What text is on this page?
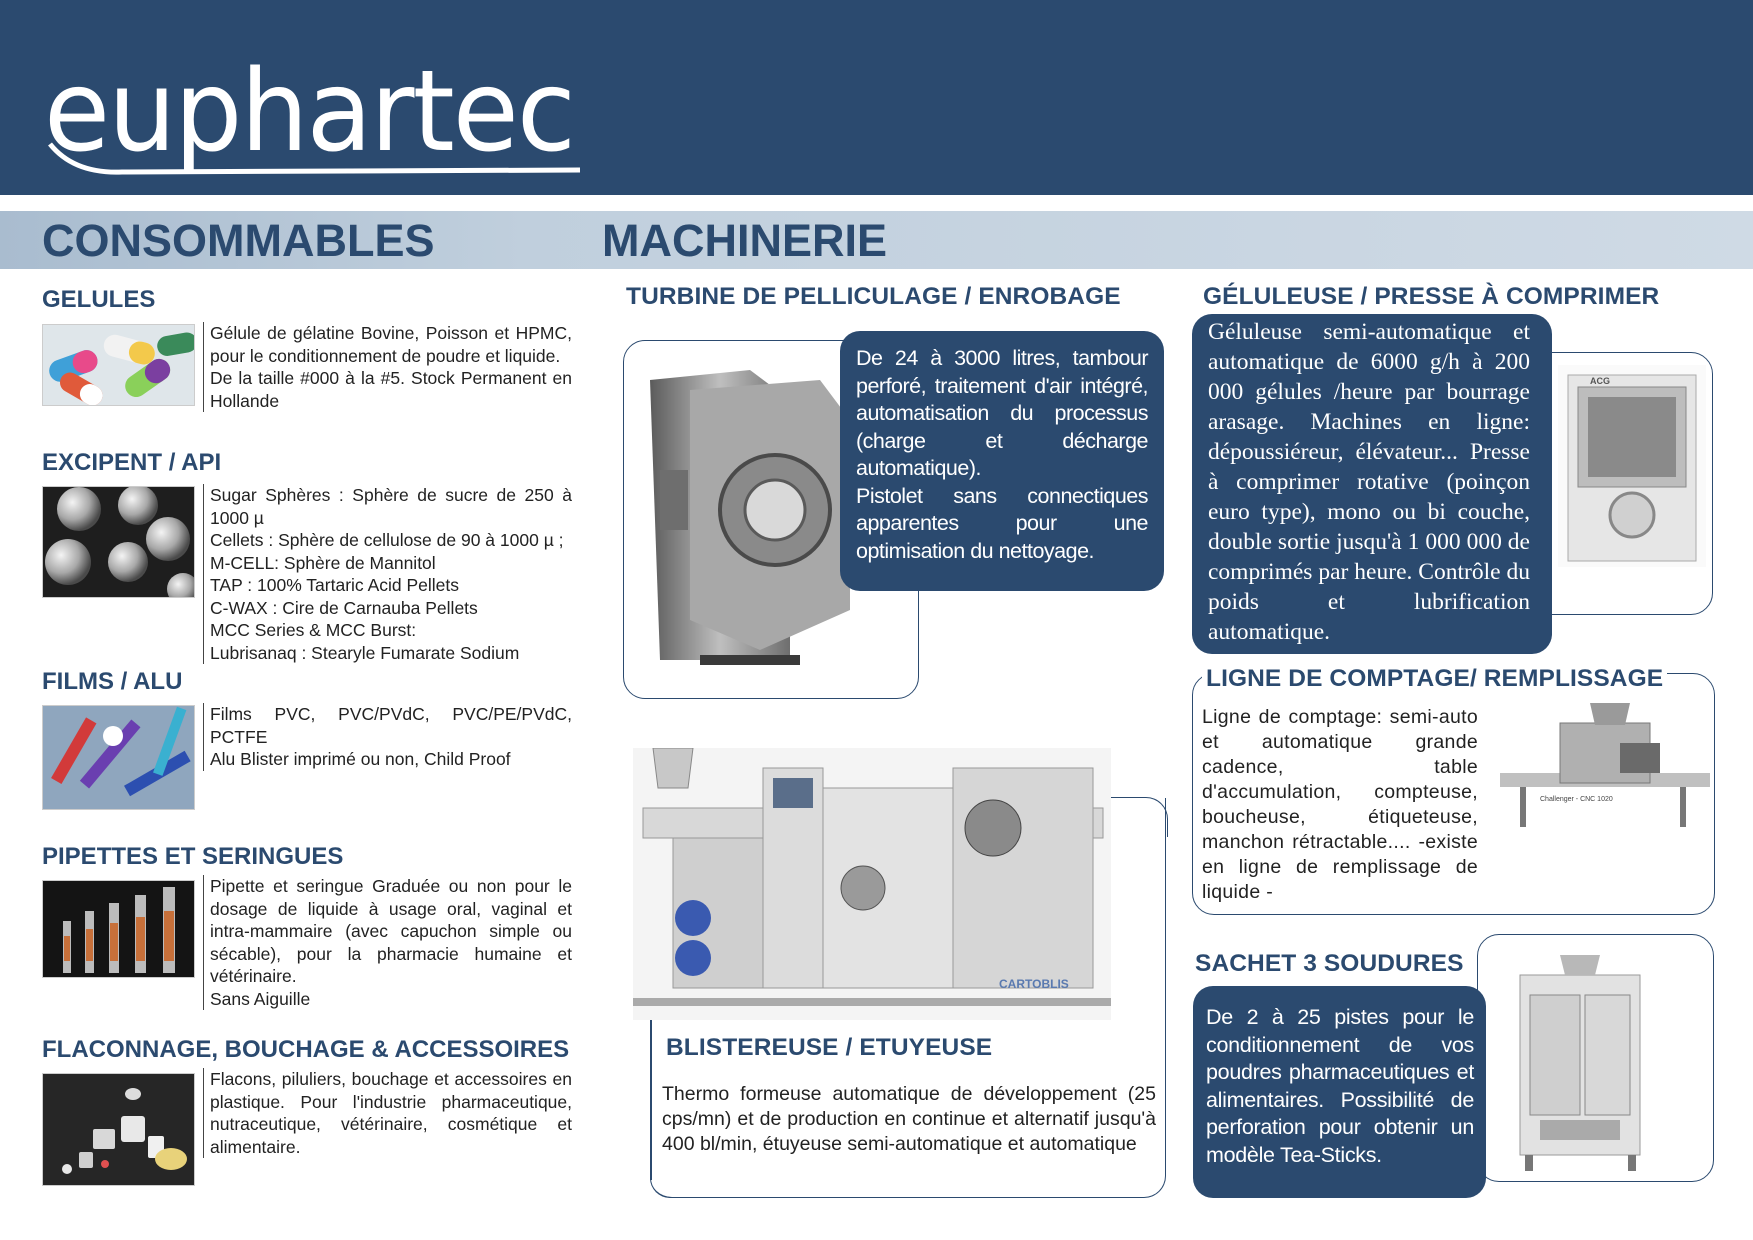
euphartec
CONSOMMABLES	MACHINERIE
GELULES
Gélule de gélatine Bovine, Poisson et HPMC, pour le conditionnement de poudre et liquide.
De la taille #000 à la #5. Stock Permanent en Hollande
EXCIPENT / API
Sugar Sphères : Sphère de sucre de 250 à 1000 µ
Cellets : Sphère de cellulose de 90 à 1000 µ ;
M-CELL: Sphère de Mannitol
TAP : 100% Tartaric Acid Pellets
C-WAX : Cire de Carnauba Pellets
MCC Series & MCC Burst:
Lubrisanaq : Stearyle Fumarate Sodium
FILMS / ALU
Films PVC, PVC/PVdC, PVC/PE/PVdC, PCTFE
Alu Blister imprimé ou non, Child Proof
PIPETTES ET SERINGUES
Pipette et seringue Graduée ou non pour le dosage de liquide à usage oral, vaginal et intra-mammaire (avec capuchon simple ou sécable), pour la pharmacie humaine et vétérinaire.
Sans Aiguille
FLACONNAGE, BOUCHAGE & ACCESSOIRES
Flacons, piluliers, bouchage et accessoires en plastique. Pour l'industrie pharmaceutique, nutraceutique, vétérinaire, cosmétique et alimentaire.
TURBINE DE PELLICULAGE / ENROBAGE

De 24 à 3000 litres, tambour perforé, traitement d'air intégré, automatisation du processus (charge et décharge automatique).

Pistolet sans connectiques apparentes pour une optimisation du nettoyage.

CARTOBLIS
BLISTEREUSE / ETUYEUSE
Thermo formeuse automatique de développement (25 cps/mn) et de production en continue et alternatif jusqu'à 400 bl/min, étuyeuse semi-automatique et automatique
GÉLULEUSE / PRESSE À COMPRIMER
ACG

Géluleuse semi-automatique et automatique de 6000 g/h à 200 000 gélules /heure par bourrage arasage. Machines en ligne: dépoussiéreur, élévateur... Presse à comprimer rotative (poinçon euro type), mono ou bi couche, double sortie jusqu'à 1 000 000 de comprimés par heure. Contrôle du poids et lubrification automatique.

LIGNE DE COMPTAGE/ REMPLISSAGE
Ligne de comptage: semi-auto et automatique grande cadence, table d'accumulation, compteuse, boucheuse, étiqueteuse, manchon rétractable.... -existe en ligne de remplissage de liquide -
Challenger - CNC 1020
SACHET 3 SOUDURES

De 2 à 25 pistes pour le conditionnement de vos poudres pharmaceutiques et alimentaires. Possibilité de perforation pour obtenir un modèle Tea-Sticks.
